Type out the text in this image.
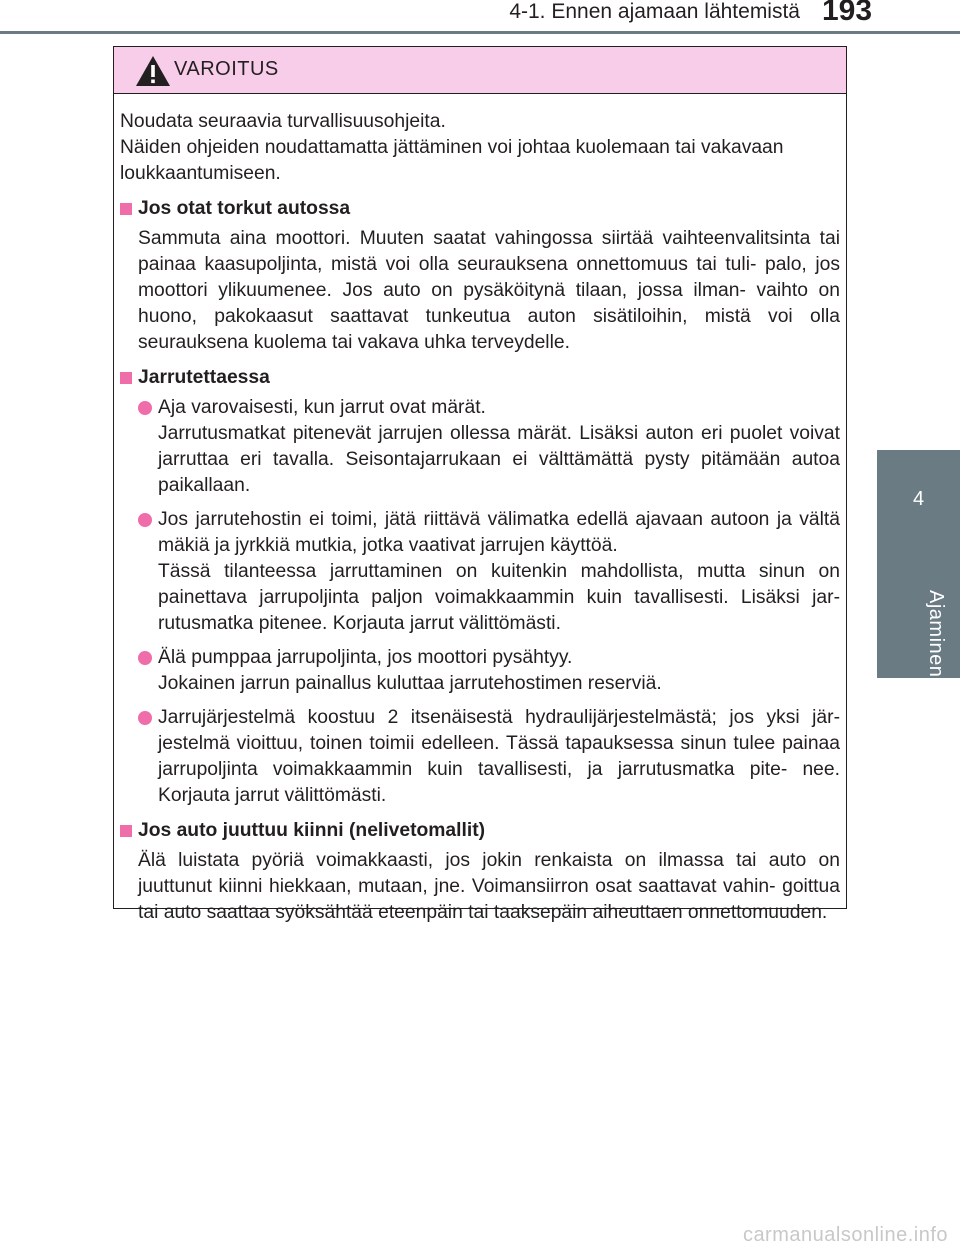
4-1. Ennen ajamaan lähtemistä 193
4
Ajaminen
VAROITUS

Noudata seuraavia turvallisuusohjeita.

Näiden ohjeiden noudattamatta jättäminen voi johtaa kuolemaan tai vakavaan loukkaantumiseen.

Jos otat torkut autossa
Sammuta aina moottori. Muuten saatat vahingossa siirtää vaihteenvalitsinta tai painaa kaasupoljinta, mistä voi olla seurauksena onnettomuus tai tuli- palo, jos moottori ylikuumenee. Jos auto on pysäköitynä tilaan, jossa ilman- vaihto on huono, pakokaasut saattavat tunkeutua auton sisätiloihin, mistä voi olla seurauksena kuolema tai vakava uhka terveydelle.
Jarrutettaessa

Aja varovaisesti, kun jarrut ovat märät.

Jarrutusmatkat pitenevät jarrujen ollessa märät. Lisäksi auton eri puolet voivat jarruttaa eri tavalla. Seisontajarrukaan ei välttämättä pysty pitämään autoa paikallaan.

Jos jarrutehostin ei toimi, jätä riittävä välimatka edellä ajavaan autoon ja vältä mäkiä ja jyrkkiä mutkia, jotka vaativat jarrujen käyttöä.

Tässä tilanteessa jarruttaminen on kuitenkin mahdollista, mutta sinun on painettava jarrupoljinta paljon voimakkaammin kuin tavallisesti. Lisäksi jar- rutusmatka pitenee. Korjauta jarrut välittömästi.

Älä pumppaa jarrupoljinta, jos moottori pysähtyy.

Jokainen jarrun painallus kuluttaa jarrutehostimen reserviä.

Jarrujärjestelmä koostuu 2 itsenäisestä hydraulijärjestelmästä; jos yksi jär- jestelmä vioittuu, toinen toimii edelleen. Tässä tapauksessa sinun tulee painaa jarrupoljinta voimakkaammin kuin tavallisesti, ja jarrutusmatka pite- nee. Korjauta jarrut välittömästi.

Jos auto juuttuu kiinni (nelivetomallit)
Älä luistata pyöriä voimakkaasti, jos jokin renkaista on ilmassa tai auto on juuttunut kiinni hiekkaan, mutaan, jne. Voimansiirron osat saattavat vahin- goittua tai auto saattaa syöksähtää eteenpäin tai taaksepäin aiheuttaen onnettomuuden.
carmanualsonline.info
